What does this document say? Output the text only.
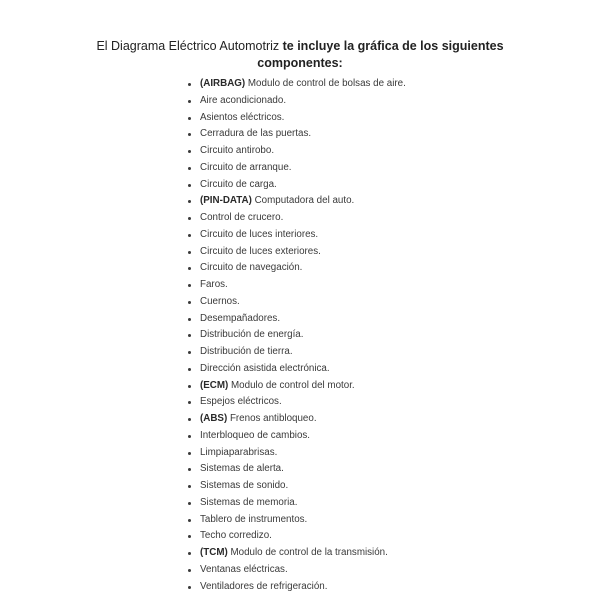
El Diagrama Eléctrico Automotriz te incluye la gráfica de los siguientes
componentes:
(AIRBAG) Modulo de control de bolsas de aire.
Aire acondicionado.
Asientos eléctricos.
Cerradura de las puertas.
Circuito antirobo.
Circuito de arranque.
Circuito de carga.
(PIN-DATA) Computadora del auto.
Control de crucero.
Circuito de luces interiores.
Circuito de luces exteriores.
Circuito de navegación.
Faros.
Cuernos.
Desempañadores.
Distribución de energía.
Distribución de tierra.
Dirección asistida electrónica.
(ECM) Modulo de control del motor.
Espejos eléctricos.
(ABS) Frenos antibloqueo.
Interbloqueo de cambios.
Limpiaparabrisas.
Sistemas de alerta.
Sistemas de sonido.
Sistemas de memoria.
Tablero de instrumentos.
Techo corredizo.
(TCM) Modulo de control de la transmisión.
Ventanas eléctricas.
Ventiladores de refrigeración.
